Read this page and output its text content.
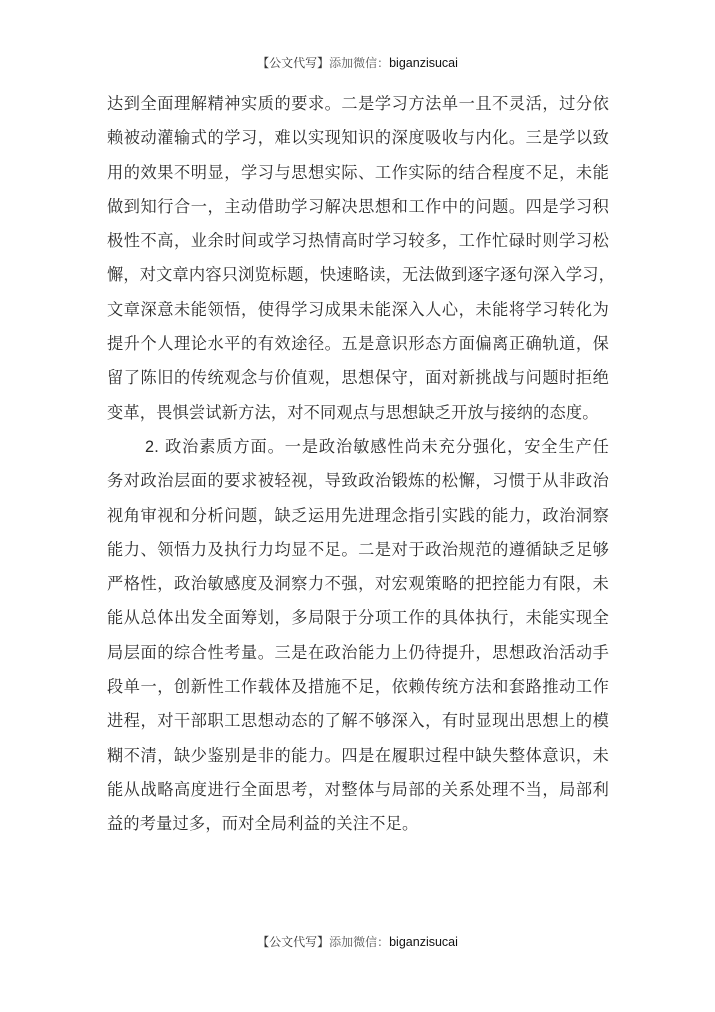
【公文代写】添加微信：biganzisucai

达到全面理解精神实质的要求。二是学习方法单一且不灵活，过分依
赖被动灌输式的学习，难以实现知识的深度吸收与内化。三是学以致
用的效果不明显，学习与思想实际、工作实际的结合程度不足，未能
做到知行合一，主动借助学习解决思想和工作中的问题。四是学习积
极性不高，业余时间或学习热情高时学习较多，工作忙碌时则学习松
懈，对文章内容只浏览标题，快速略读，无法做到逐字逐句深入学习，
文章深意未能领悟，使得学习成果未能深入人心，未能将学习转化为
提升个人理论水平的有效途径。五是意识形态方面偏离正确轨道，保
留了陈旧的传统观念与价值观，思想保守，面对新挑战与问题时拒绝
变革，畏惧尝试新方法，对不同观点与思想缺乏开放与接纳的态度。

2. 政治素质方面。一是政治敏感性尚未充分强化，安全生产任
务对政治层面的要求被轻视，导致政治锻炼的松懈，习惯于从非政治
视角审视和分析问题，缺乏运用先进理念指引实践的能力，政治洞察
能力、领悟力及执行力均显不足。二是对于政治规范的遵循缺乏足够
严格性，政治敏感度及洞察力不强，对宏观策略的把控能力有限，未
能从总体出发全面筹划，多局限于分项工作的具体执行，未能实现全
局层面的综合性考量。三是在政治能力上仍待提升，思想政治活动手
段单一，创新性工作载体及措施不足，依赖传统方法和套路推动工作
进程，对干部职工思想动态的了解不够深入，有时显现出思想上的模
糊不清，缺少鉴别是非的能力。四是在履职过程中缺失整体意识，未
能从战略高度进行全面思考，对整体与局部的关系处理不当，局部利
益的考量过多，而对全局利益的关注不足。

【公文代写】添加微信：biganzisucai
